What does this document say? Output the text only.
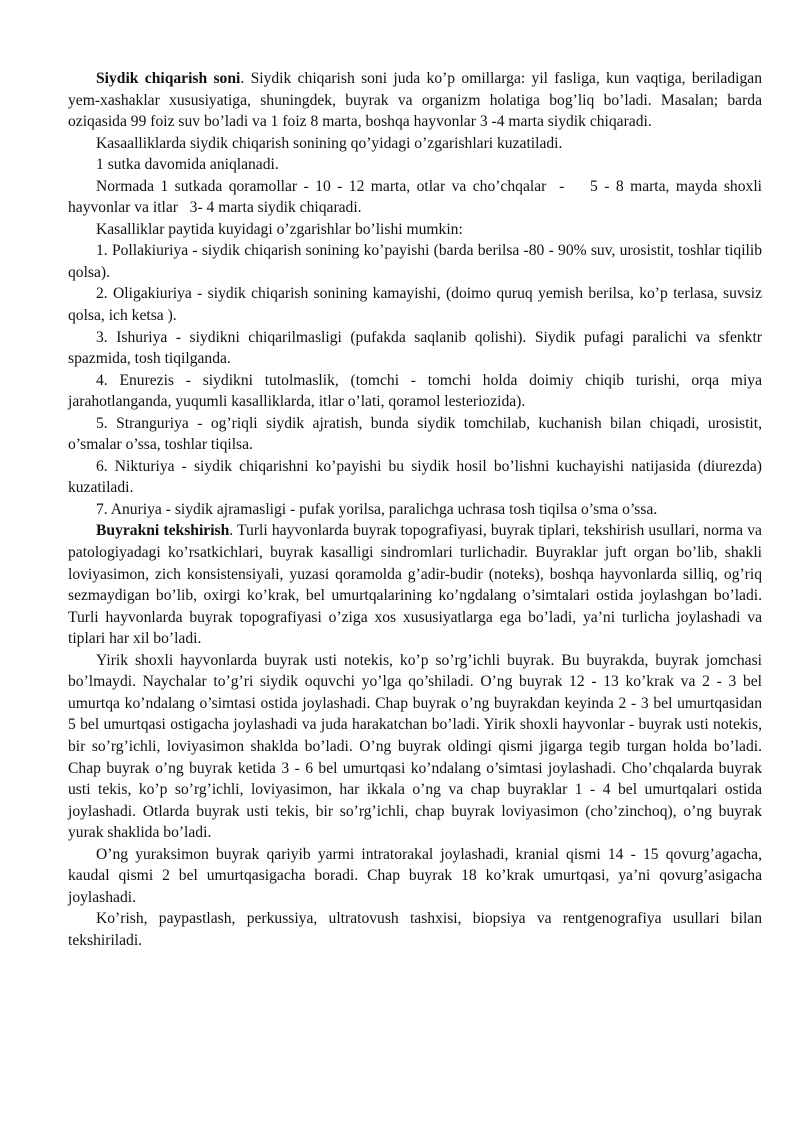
Siydik chiqarish soni. Siydik chiqarish soni juda ko’p omillarga: yil fasliga, kun vaqtiga, beriladigan yem-xashaklar xususiyatiga, shuningdek, buyrak va organizm holatiga bog’liq bo’ladi. Masalan; barda oziqasida 99 foiz suv bo’ladi va 1 foiz 8 marta, boshqa hayvonlar 3 -4 marta siydik chiqaradi.

Kasaalliklarda siydik chiqarish sonining qo’yidagi o’zgarishlari kuzatiladi.

1 sutka davomida aniqlanadi.

Normada 1 sutkada qoramollar - 10 - 12 marta, otlar va cho’chqalar  -    5 - 8 marta, mayda shoxli hayvonlar va itlar   3- 4 marta siydik chiqaradi.

Kasalliklar paytida kuyidagi o’zgarishlar bo’lishi mumkin:

1. Pollakiuriya - siydik chiqarish sonining ko’payishi (barda berilsa -80 - 90% suv, urosistit, toshlar tiqilib qolsa).

2. Oligakiuriya - siydik chiqarish sonining kamayishi, (doimo quruq yemish berilsa, ko’p terlasa, suvsiz qolsa, ich ketsa ).

3. Ishuriya - siydikni chiqarilmasligi (pufakda saqlanib qolishi). Siydik pufagi paralichi va sfenktr spazmida, tosh tiqilganda.

4. Enurezis - siydikni tutolmaslik, (tomchi - tomchi holda doimiy chiqib turishi, orqa miya jarahotlanganda, yuqumli kasalliklarda, itlar o’lati, qoramol lesteriozida).

5. Stranguriya - og’riqli siydik ajratish, bunda siydik tomchilab, kuchanish bilan chiqadi, urosistit, o’smalar o’ssa, toshlar tiqilsa.

6. Nikturiya - siydik chiqarishni ko’payishi bu siydik hosil bo’lishni kuchayishi natijasida (diurezda) kuzatiladi.

7. Anuriya - siydik ajramasligi - pufak yorilsa, paralichga uchrasa tosh tiqilsa o’sma o’ssa.

Buyrakni tekshirish. Turli hayvonlarda buyrak topografiyasi, buyrak tiplari, tekshirish usullari, norma va patologiyadagi ko’rsatkichlari, buyrak kasalligi sindromlari turlichadir. Buyraklar juft organ bo’lib, shakli loviyasimon, zich konsistensiyali, yuzasi qoramolda g’adir-budir (noteks), boshqa hayvonlarda silliq, og’riq sezmaydigan bo’lib, oxirgi ko’krak, bel umurtqalarining ko’ngdalang o’simtalari ostida joylashgan bo’ladi. Turli hayvonlarda buyrak topografiyasi o’ziga xos xususiyatlarga ega bo’ladi, ya’ni turlicha joylashadi va tiplari har xil bo’ladi.

Yirik shoxli hayvonlarda buyrak usti notekis, ko’p so’rg’ichli buyrak. Bu buyrakda, buyrak jomchasi bo’lmaydi. Naychalar to’g’ri siydik oquvchi yo’lga qo’shiladi. O’ng buyrak 12 - 13 ko’krak va 2 - 3 bel umurtqa ko’ndalang o’simtasi ostida joylashadi. Chap buyrak o’ng buyrakdan keyinda 2 - 3 bel umurtqasidan 5 bel umurtqasi ostigacha joylashadi va juda harakatchan bo’ladi. Yirik shoxli hayvonlar - buyrak usti notekis, bir so’rg’ichli, loviyasimon shaklda bo’ladi. O’ng buyrak oldingi qismi jigarga tegib turgan holda bo’ladi. Chap buyrak o’ng buyrak ketida 3 - 6 bel umurtqasi ko’ndalang o’simtasi joylashadi. Cho’chqalarda buyrak usti tekis, ko’p so’rg’ichli, loviyasimon, har ikkala o’ng va chap buyraklar 1 - 4 bel umurtqalari ostida joylashadi. Otlarda buyrak usti tekis, bir so’rg’ichli, chap buyrak loviyasimon (cho’zinchoq), o’ng buyrak yurak shaklida bo’ladi.

O’ng yuraksimon buyrak qariyib yarmi intratorakal joylashadi, kranial qismi 14 - 15 qovurg’agacha, kaudal qismi 2 bel umurtqasigacha boradi. Chap buyrak 18 ko’krak umurtqasi, ya’ni qovurg’asigacha joylashadi.

Ko’rish, paypastlash, perkussiya, ultratovush tashxisi, biopsiya va rentgenografiya usullari bilan tekshiriladi.
